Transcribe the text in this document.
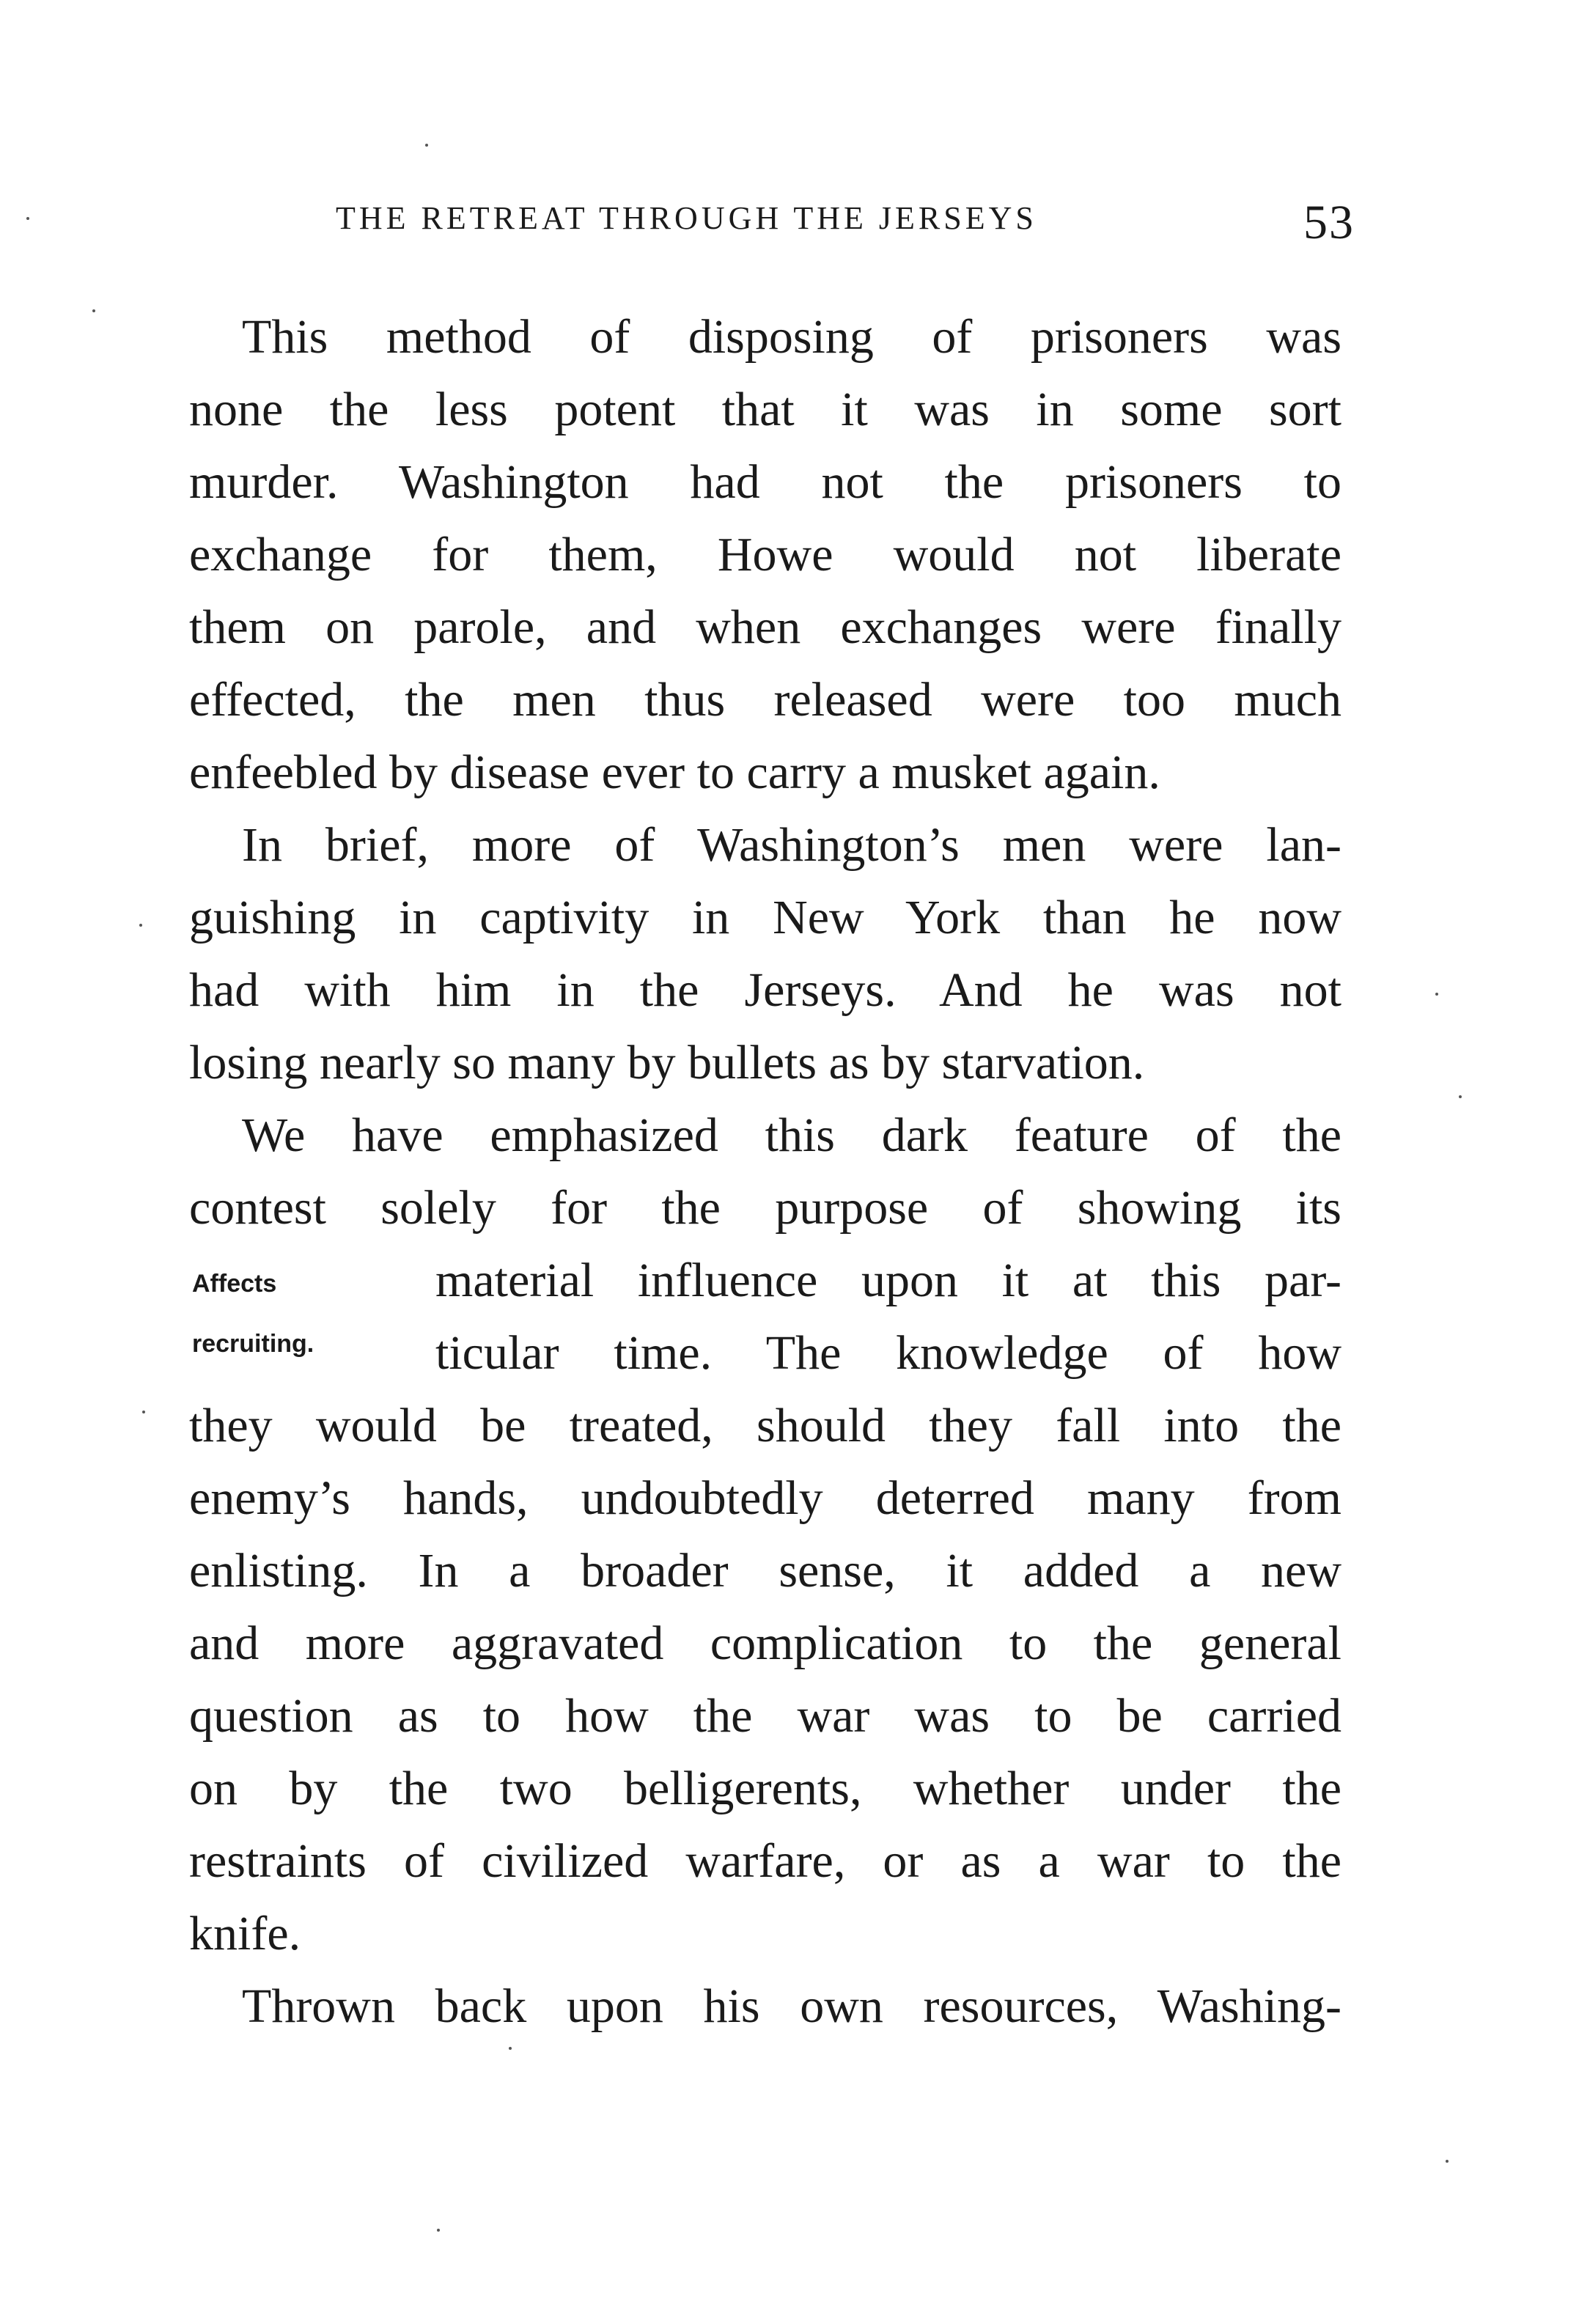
THE RETREAT THROUGH THE JERSEYS	53
This method of disposing of prisoners was
none the less potent that it was in some sort
murder. Washington had not the prisoners to
exchange for them, Howe would not liberate
them on parole, and when exchanges were finally
effected, the men thus released were too much
enfeebled by disease ever to carry a musket again.
In brief, more of Washington’s men were lan-
guishing in captivity in New York than he now
had with him in the Jerseys. And he was not
losing nearly so many by bullets as by starvation.
We have emphasized this dark feature of the
contest solely for the purpose of showing its
material influence upon it at this par-
ticular time. The knowledge of how
they would be treated, should they fall into the
enemy’s hands, undoubtedly deterred many from
enlisting. In a broader sense, it added a new
and more aggravated complication to the general
question as to how the war was to be carried
on by the two belligerents, whether under the
restraints of civilized warfare, or as a war to the
knife.
Thrown back upon his own resources, Washing-
Affects
recruiting.
